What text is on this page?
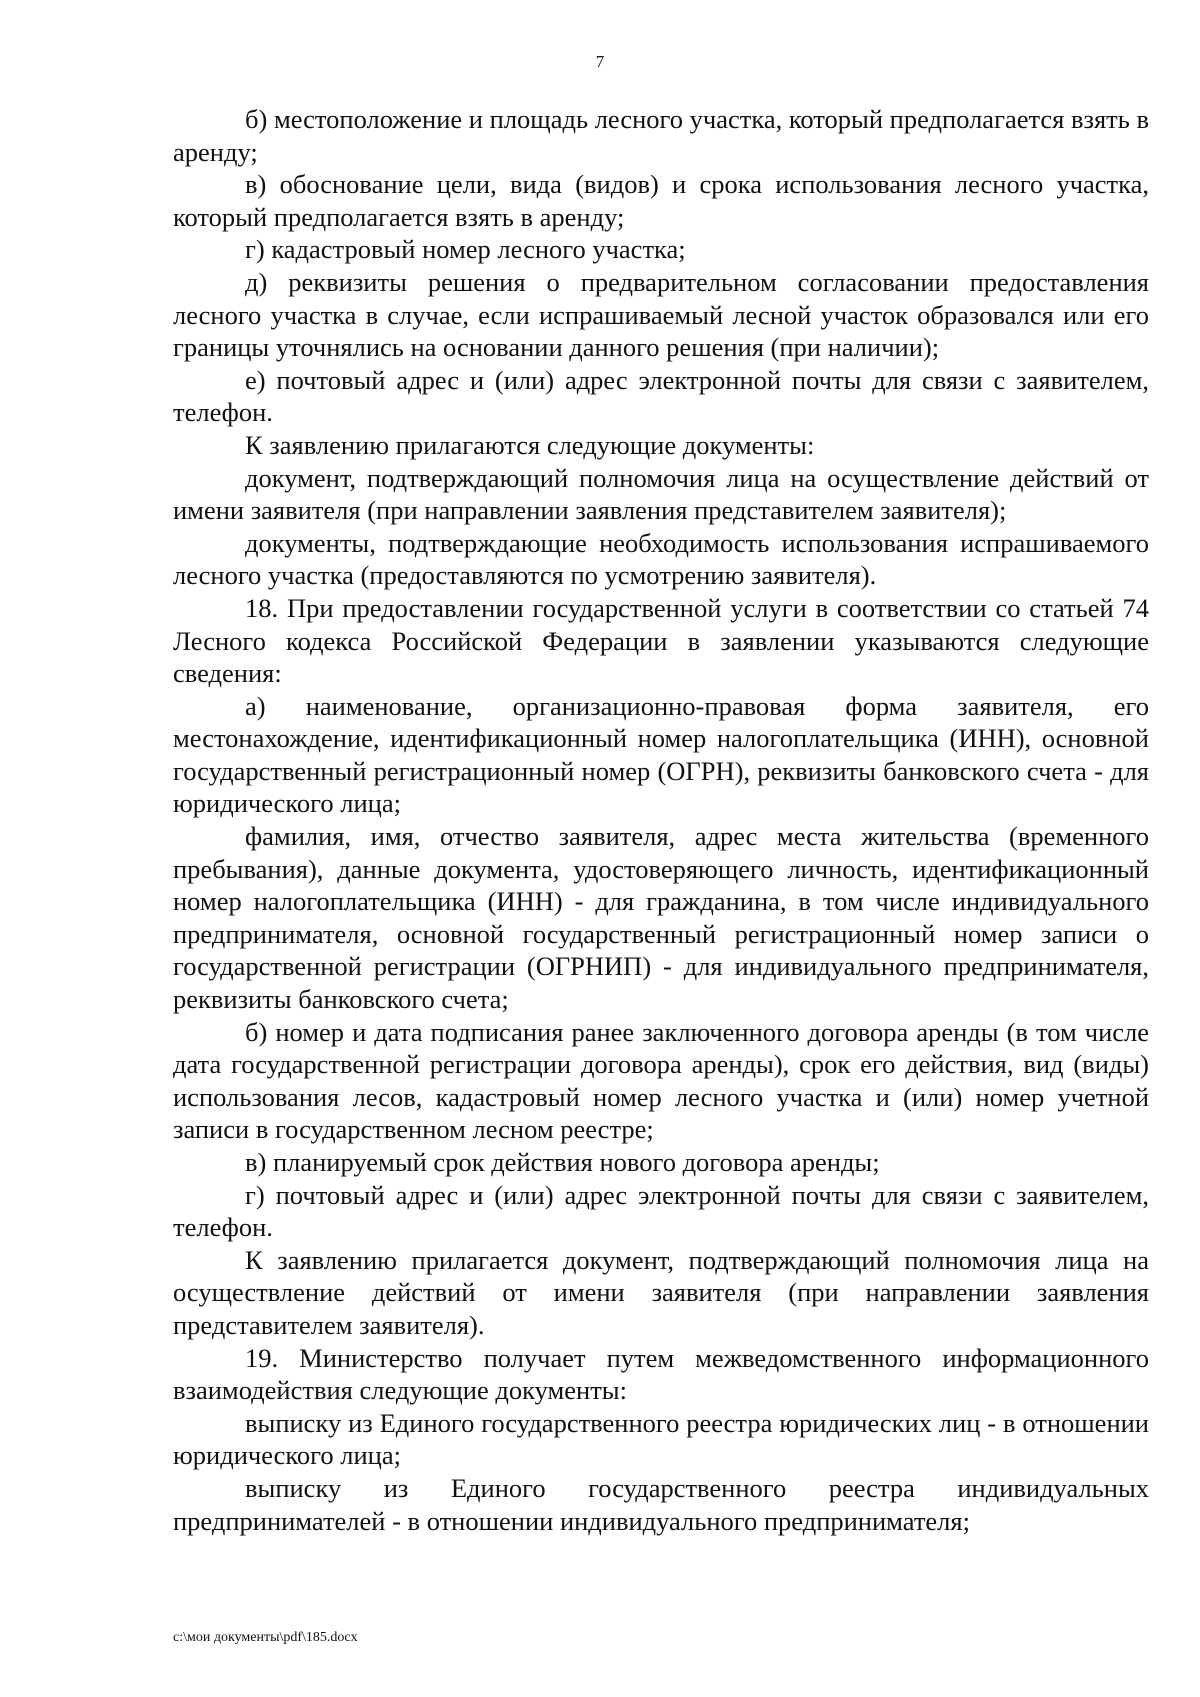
7

б) местоположение и площадь лесного участка, который предполагается взять в аренду;

в) обоснование цели, вида (видов) и срока использования лесного участка, который предполагается взять в аренду;

г) кадастровый номер лесного участка;

д) реквизиты решения о предварительном согласовании предоставления лесного участка в случае, если испрашиваемый лесной участок образовался или его границы уточнялись на основании данного решения (при наличии);

е) почтовый адрес и (или) адрес электронной почты для связи с заявителем, телефон.

К заявлению прилагаются следующие документы:

документ, подтверждающий полномочия лица на осуществление действий от имени заявителя (при направлении заявления представителем заявителя);

документы, подтверждающие необходимость использования испрашиваемого лесного участка (предоставляются по усмотрению заявителя).

18. При предоставлении государственной услуги в соответствии со статьей 74 Лесного кодекса Российской Федерации в заявлении указываются следующие сведения:

а) наименование, организационно-правовая форма заявителя, его местонахождение, идентификационный номер налогоплательщика (ИНН), основной государственный регистрационный номер (ОГРН), реквизиты банковского счета - для юридического лица;

фамилия, имя, отчество заявителя, адрес места жительства (временного пребывания), данные документа, удостоверяющего личность, идентификационный номер налогоплательщика (ИНН) - для гражданина, в том числе индивидуального предпринимателя, основной государственный регистрационный номер записи о государственной регистрации (ОГРНИП) - для индивидуального предпринимателя, реквизиты банковского счета;

б) номер и дата подписания ранее заключенного договора аренды (в том числе дата государственной регистрации договора аренды), срок его действия, вид (виды) использования лесов, кадастровый номер лесного участка и (или) номер учетной записи в государственном лесном реестре;

в) планируемый срок действия нового договора аренды;

г) почтовый адрес и (или) адрес электронной почты для связи с заявителем, телефон.

К заявлению прилагается документ, подтверждающий полномочия лица на осуществление действий от имени заявителя (при направлении заявления представителем заявителя).

19. Министерство получает путем межведомственного информационного взаимодействия следующие документы:

выписку из Единого государственного реестра юридических лиц - в отношении юридического лица;

выписку из Единого государственного реестра индивидуальных предпринимателей - в отношении индивидуального предпринимателя;

c:\мои документы\pdf\185.docx
